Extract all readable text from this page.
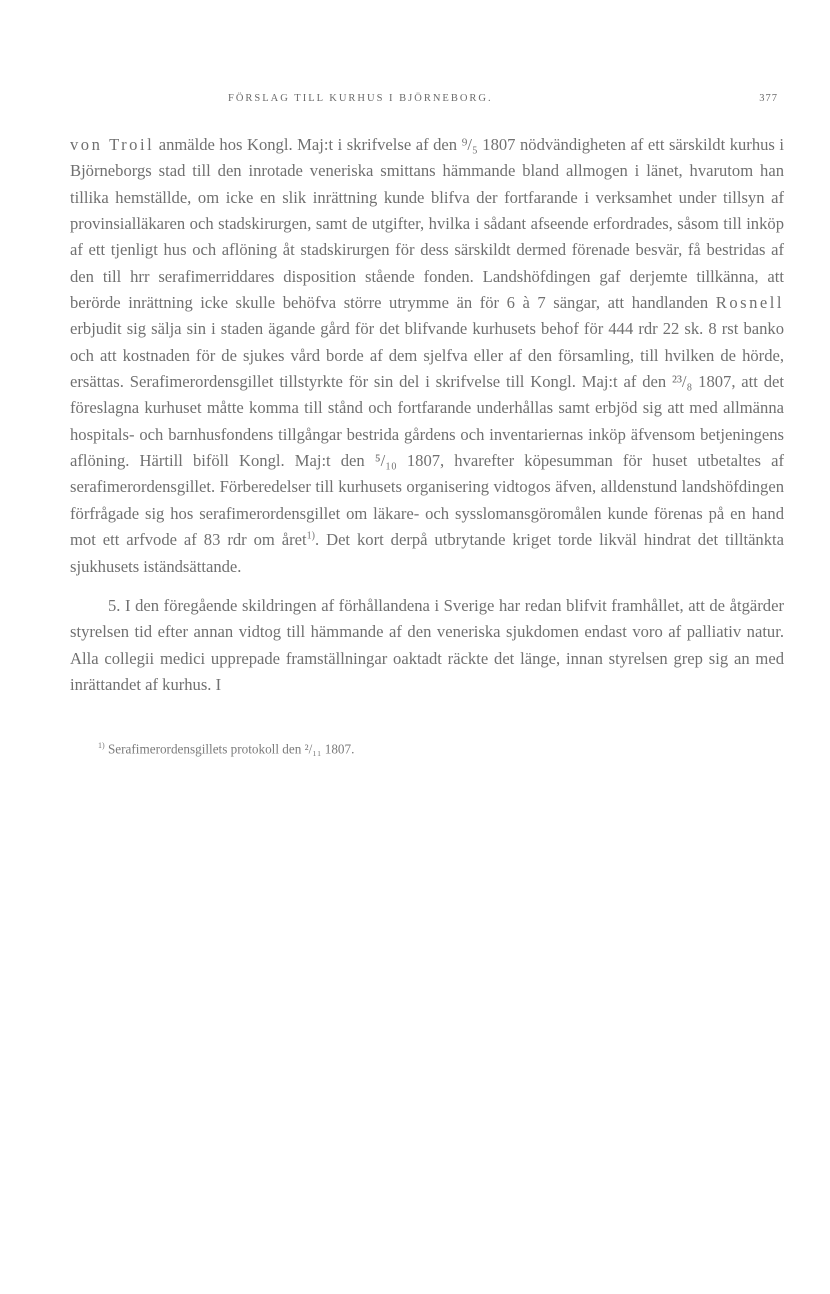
FÖRSLAG TILL KURHUS I BJÖRNEBORG.	377

von Troil anmälde hos Kongl. Maj:t i skrifvelse af den ⁹/₅ 1807 nödvändigheten af ett särskildt kurhus i Björneborgs stad till den inrotade veneriska smittans hämmande bland allmogen i länet, hvarutom han tillika hemställde, om icke en slik inrättning kunde blifva der fortfarande i verksamhet under tillsyn af provinsialläkaren och stadskirurgen, samt de utgifter, hvilka i sådant afseende erfordrades, såsom till inköp af ett tjenligt hus och aflöning åt stadskirurgen för dess särskildt dermed förenade besvär, få bestridas af den till hrr serafimerriddares disposition stående fonden. Landshöfdingen gaf derjemte tillkänna, att berörde inrättning icke skulle behöfva större utrymme än för 6 à 7 sängar, att handlanden Rosnell erbjudit sig sälja sin i staden ägande gård för det blifvande kurhusets behof för 444 rdr 22 sk. 8 rst banko och att kostnaden för de sjukes vård borde af dem sjelfva eller af den församling, till hvilken de hörde, ersättas. Serafimerordensgillet tillstyrkte för sin del i skrifvelse till Kongl. Maj:t af den ²³/₈ 1807, att det föreslagna kurhuset måtte komma till stånd och fortfarande underhållas samt erbjöd sig att med allmänna hospitals- och barnhusfondens tillgångar bestrida gårdens och inventariernas inköp äfvensom betjeningens aflöning. Härtill biföll Kongl. Maj:t den ⁵/₁₀ 1807, hvarefter köpesumman för huset utbetaltes af serafimerordensgillet. Förberedelser till kurhusets organisering vidtogos äfven, alldenstund landshöfdingen förfrågade sig hos serafimerordensgillet om läkare- och sysslomansgöromålen kunde förenas på en hand mot ett arfvode af 83 rdr om året$^{1)}$. Det kort derpå utbrytande kriget torde likväl hindrat det tilltänkta sjukhusets iständsättande.

5. I den föregående skildringen af förhållandena i Sverige har redan blifvit framhållet, att de åtgärder styrelsen tid efter annan vidtog till hämmande af den veneriska sjukdomen endast voro af palliativ natur. Alla collegii medici upprepade framställningar oaktadt räckte det länge, innan styrelsen grep sig an med inrättandet af kurhus. I

$^{1)}$ Serafimerordensgillets protokoll den ²/₁₁ 1807.
